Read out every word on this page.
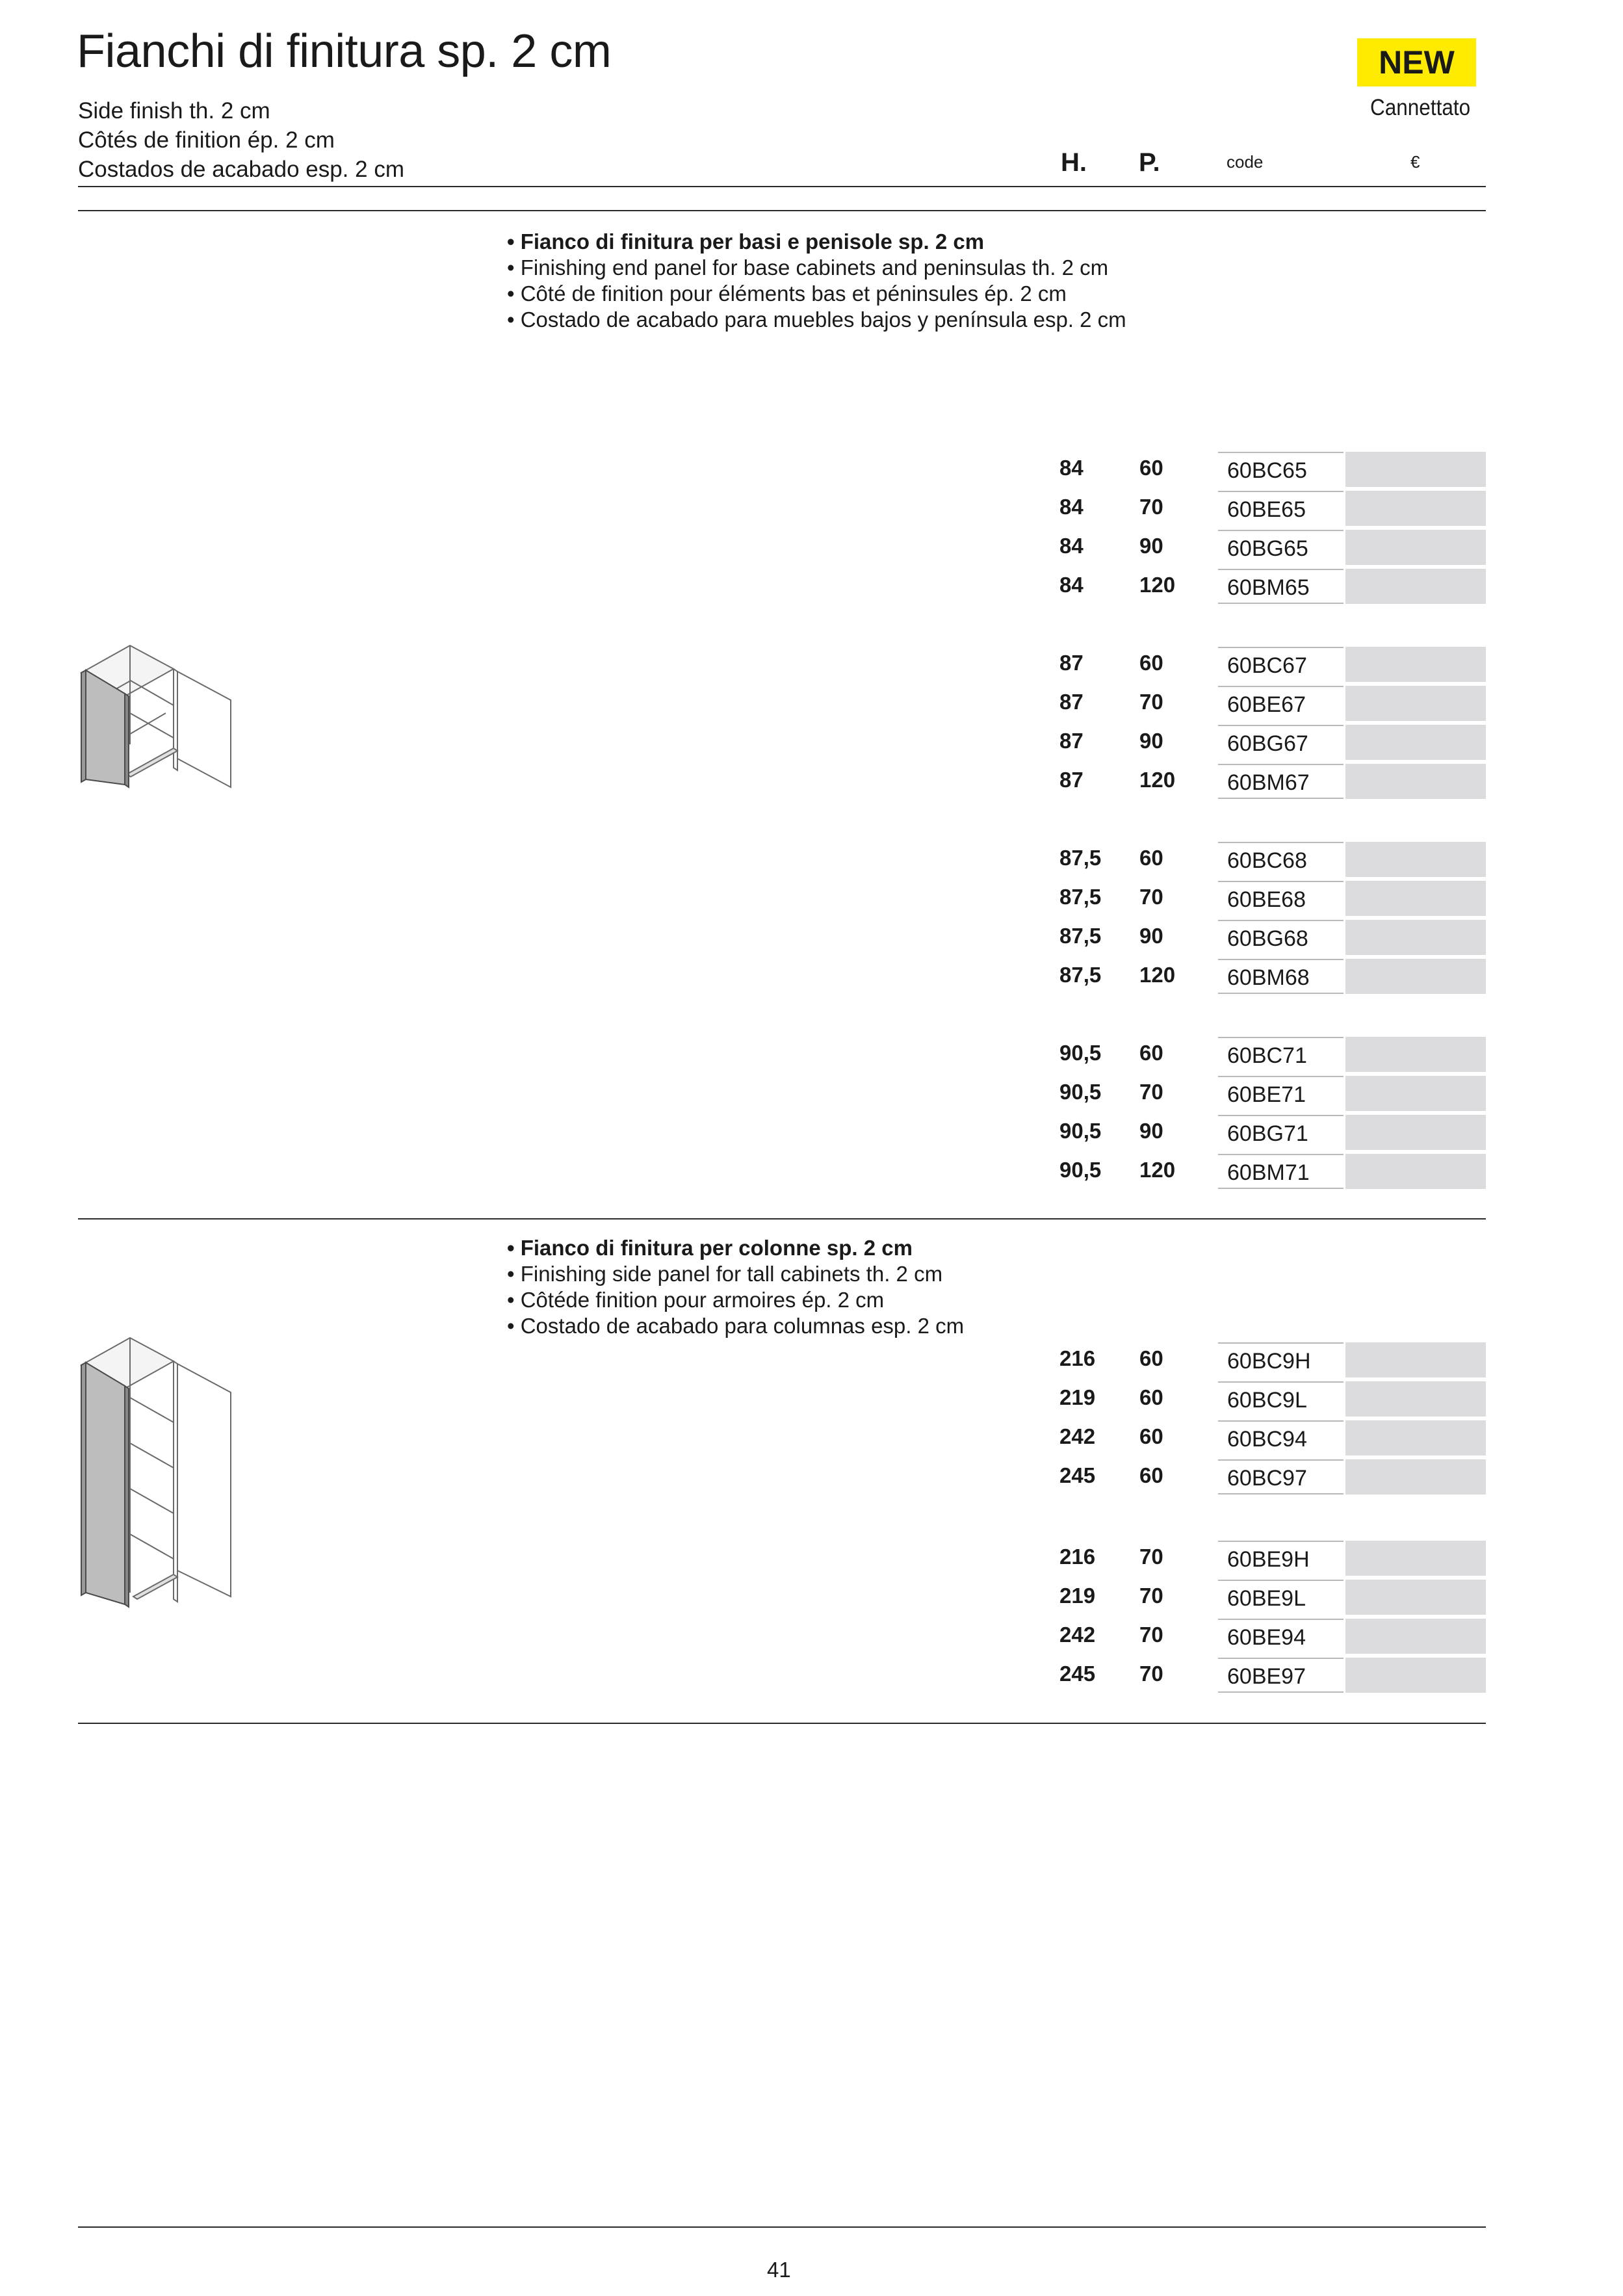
Fianchi di finitura sp. 2 cm
Side finish th. 2 cm
Côtés de finition ép. 2 cm
Costados de acabado esp. 2 cm
NEW
Cannettato
H. P.	code	€
• Fianco di finitura per basi e penisole sp. 2 cm
• Finishing end panel for base cabinets and peninsulas th. 2 cm
• Côté de finition pour éléments bas et péninsules ép. 2 cm
• Costado de acabado para muebles bajos y península esp. 2 cm
84	60	60BC65
84	70	60BE65
84	90	60BG65
84	120	60BM65
87	60	60BC67
87	70	60BE67
87	90	60BG67
87	120	60BM67
87,5 60	60BC68
87,5 70	60BE68
87,5 90	60BG68
87,5 120	60BM68
90,5 60	60BC71
90,5 70	60BE71
90,5 90	60BG71
90,5 120	60BM71
• Fianco di finitura per colonne sp. 2 cm
• Finishing side panel for tall cabinets th. 2 cm
• Côtéde finition pour armoires ép. 2 cm
• Costado de acabado para columnas esp. 2 cm
216 60	60BC9H
219 60	60BC9L
242 60	60BC94
245 60	60BC97
216 70	60BE9H
219 70	60BE9L
242 70	60BE94
245 70	60BE97
41
